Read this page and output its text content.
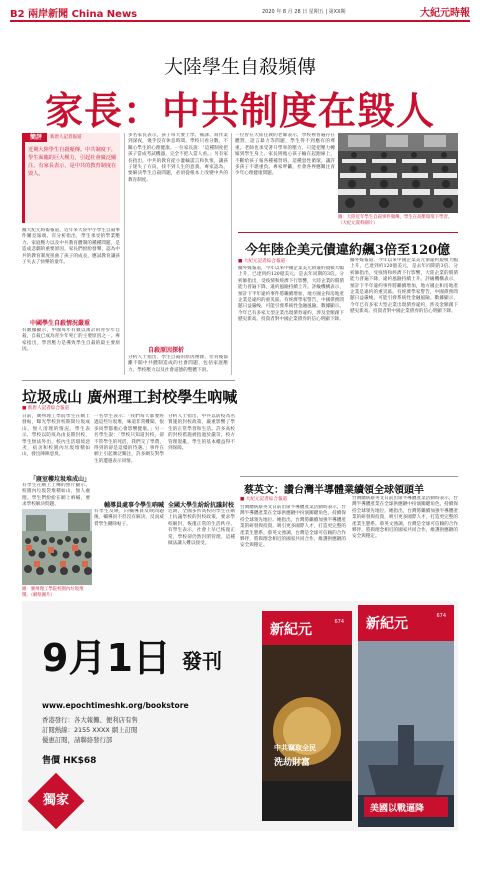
B2 兩岸新聞 China News	2020 年 8 月 28 日 星期五 | 第XX期	大紀元時報
大陸學生自殺頻傳
家長：中共制度在毀人
簡評	新唐人記者報道
近期大陸學生自殺頻傳。中共制度下，學生面臨的巨大壓力，引起社會廣泛關注。有家長表示，是中共的教育制度在毀人。
據大紀元時報報道，近年來大陸中小學生自殺事件屢見報端。有分析指出，學生承受的學業壓力、家庭壓力以及中共教育體制的種種問題，是造成悲劇的重要原因。家長們紛紛發聲，認為中共的教育制度扭曲了孩子的成長，應試教育讓孩子失去了快樂的童年。
中國學生自殺情況嚴重
有數據顯示，中國每年有數以萬計的青少年自殺，自殺已成為青少年死亡的主要原因之一。專家指出，學習壓力是導致學生自殺的最主要原因。
多名家長表示，孩子每天要上學、補課、寫作業到深夜，幾乎沒有休息時間。學校只看分數，不關心學生的心理健康。一位家長說：「這種制度把孩子當成考試機器，完全不把人當人看。」另有家長指出，中共的教育從小灌輸謊言和仇恨，讓孩子迷失了方向，找不到人生的意義。專家認為，要解決學生自殺問題，必須從根本上改變中共的教育制度。
自殺原因探析
分析人士指出，學生自殺的原因複雜，但背後都離不開中共體制造成的社會問題，包括家庭壓力、學校壓力以及社會道德的整體下滑。
一位曾在大陸任教的老師表示，學校裡普遍存在體罰、語言暴力等問題，學生得不到應有的尊重。老師也承受著升學率的壓力，只能把壓力轉嫁到學生身上。家長則擔心孩子輸在起跑線上，不斷給孩子報各種補習班。這種惡性循環，讓許多孩子不堪重負。專家呼籲，社會各界應關注青少年心理健康問題。
圖：大陸近年學生自殺事件頻傳，學生在高壓環境下學習。（大紀元資料圖片）
今年陸企美元債違約飆3倍至120億
■ 大紀元記者綜合報道
據外媒報道，今年以來中國企業美元債違約規模大幅上升，已達到約120億美元，是去年同期的3倍。分析師指出，受疫情和經濟下行影響，大陸企業的償債能力普遍下降，違約風險持續上升。評級機構表示，預計下半年違約事件將繼續增加，地方國企和房地產企業是違約的重災區。有經濟學家警告，中國債務問題日益嚴峻，可能引發系統性金融風險。數據顯示，今年已有多家大型企業出現債券違約，涉及金額創下歷史新高。投資者對中國企業債券的信心明顯下降。
據外媒報道，今年以來中國企業美元債違約規模大幅上升，已達到約120億美元，是去年同期的3倍。分析師指出，受疫情和經濟下行影響，大陸企業的償債能力普遍下降，違約風險持續上升。評級機構表示，預計下半年違約事件將繼續增加，地方國企和房地產企業是違約的重災區。有經濟學家警告，中國債務問題日益嚴峻，可能引發系統性金融風險。數據顯示，今年已有多家大型企業出現債券違約，涉及金額創下歷史新高。投資者對中國企業債券的信心明顯下降。
垃圾成山 廣州理工封校學生吶喊
■ 新唐人記者綜合報道
日前，廣州理工學院學生在網上發帖，曝光學校封校期間垃圾成山、無人清理的情況。學生表示，學校以防疫為由長期封校，學生無法外出，校內生活環境惡劣，宿舍和校園內垃圾堆積如山，發出陣陣惡臭。
「寢室樓垃圾堆成山」
有學生在網上上傳的照片顯示，校園內垃圾袋堆積如山，無人處理。學生們紛紛在網上吶喊，要求學校解決問題。
一名學生表示：「我們每天都要經過這些垃圾堆，味道非常難聞，很多同學都擔心會影響健康。」另一名學生說：「學校只知道封校，卻不管學生的死活，我們交了學費，得到的卻是這樣的待遇。」事件在網上引起廣泛關注，許多網友對學生的遭遇表示同情。
輔導員處事令學生吶喊
有學生反映，向輔導員反映問題後，輔導員不但沒有解決，反而威脅學生刪除帖子。
分析人士指出，中共以防疫為名實施的封校政策，嚴重影響了學生的正常學習和生活。許多高校的封校措施被指過於嚴苛，校方管理混亂，學生的基本權益得不到保障。
全國大學生紛紛抗議封校
近期，全國多所高校的學生在網上抗議學校的封校政策，要求學校解封，恢復正常的生活秩序。有學生表示，社會上早已恢復正常，學校卻仍然封閉管理，這種做法讓人難以接受。
圖：廣州理工學院校園內垃圾堆積。（網絡圖片）
蔡英文：讚台灣半導體業續領全球領頭羊
■ 大紀元記者綜合報道
台灣總統蔡英文日前出席半導體產業活動時表示，台灣半導體產業在全球供應鏈中扮演關鍵角色，持續保持全球領先地位。她指出，台灣將繼續加強半導體產業的研發與投資，吸引更多國際人才，打造更完整的產業生態系。蔡英文強調，台灣是全球可信賴的合作夥伴，將與理念相近的國家共同合作，維護供應鏈的安全與穩定。
台灣總統蔡英文日前出席半導體產業活動時表示，台灣半導體產業在全球供應鏈中扮演關鍵角色，持續保持全球領先地位。她指出，台灣將繼續加強半導體產業的研發與投資，吸引更多國際人才，打造更完整的產業生態系。蔡英文強調，台灣是全球可信賴的合作夥伴，將與理念相近的國家共同合作，維護供應鏈的安全與穩定。
9月1日 發刊
www.epochtimeshk.org/bookstore
香港發行：各大報攤、便利店有售
訂閱熱線：2155 XXXX 網上訂閱
優惠訂閱，請聯絡發行部
售價 HK$68
獨家
新紀元	674
中共竊取全民
洗劫財富
新紀元	674
美國以戰逼降
